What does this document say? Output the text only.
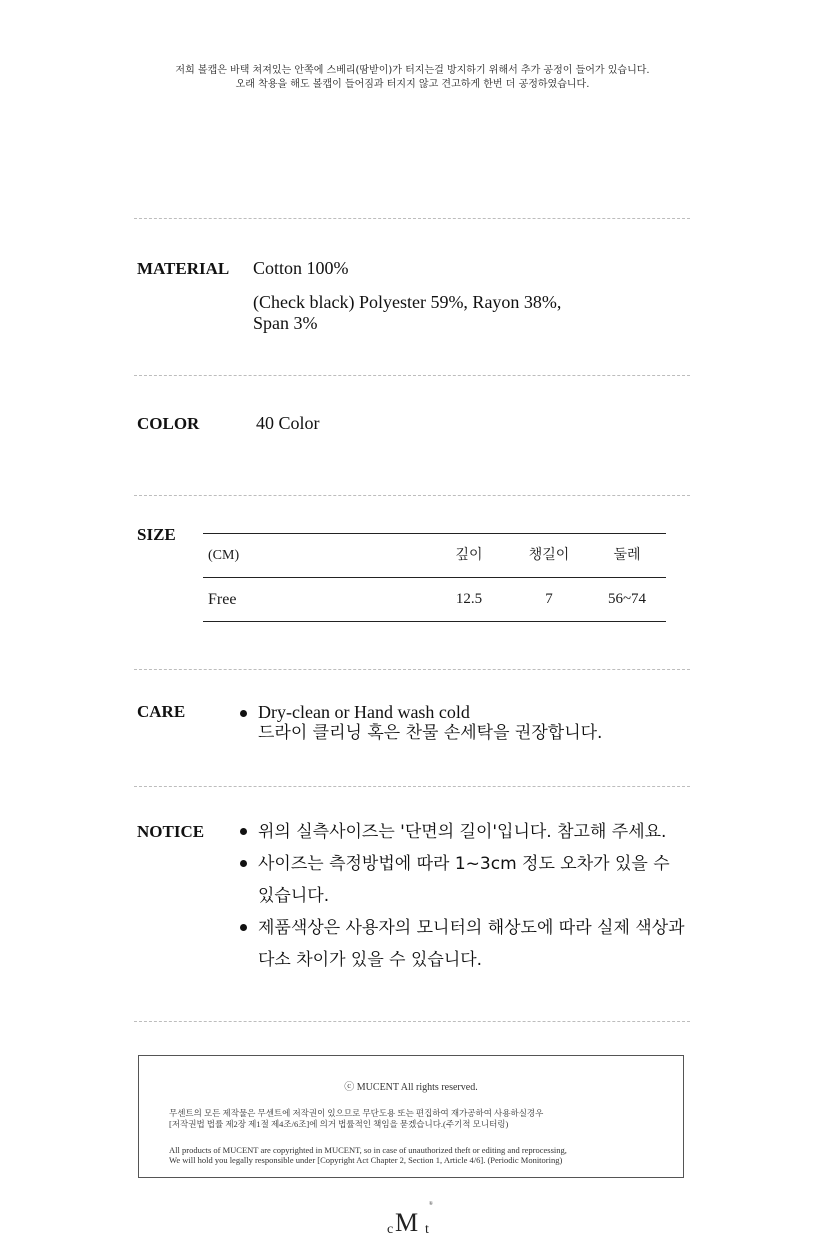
저희 볼캡은 바택 쳐져있는 안쪽에 스베리(땀받이)가 터지는걸 방지하기 위해서 추가 공정이 들어가 있습니다.
오래 착용을 해도 볼캡이 들어짐과 터지지 않고 견고하게 한번 더 공정하였습니다.
MATERIAL Cotton 100%
(Check black) Polyester 59%, Rayon 38%,
Span 3%
COLOR	40 Color
SIZE
(CM)	깊이	챙길이	둘레
Free	12.5	7	56~74
CARE	Dry-clean or Hand wash cold
드라이 클리닝 혹은 찬물 손세탁을 권장합니다.
NOTICE	위의 실측사이즈는 '단면의 길이'입니다. 참고해 주세요.
사이즈는 측정방법에 따라 1~3cm 정도 오차가 있을 수
있습니다.
제품색상은 사용자의 모니터의 해상도에 따라 실제 색상과
다소 차이가 있을 수 있습니다.
ⓒ MUCENT All rights reserved.
무센트의 모든 제작물은 무센트에 저작권이 있으므로 무단도용 또는 편집하여 재가공하여 사용하실경우
[저작권법 법률 제2장 제1절 제4조/6조]에 의거 법률적인 책임을 묻겠습니다.(주기적 모니터링)
All products of MUCENT are copyrighted in MUCENT, so in case of unauthorized theft or editing and reprocessing,
We will hold you legally responsible under [Copyright Act Chapter 2, Section 1, Article 4/6]. (Periodic Monitoring)
c M t
®
